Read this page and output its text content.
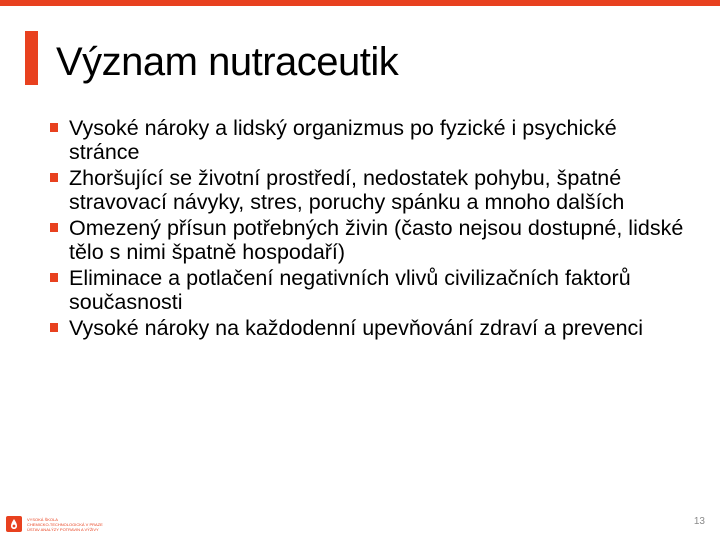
Význam nutraceutik
Vysoké nároky a lidský organizmus po fyzické i psychické stránce
Zhoršující se životní prostředí, nedostatek pohybu, špatné stravovací návyky, stres, poruchy spánku a mnoho dalších
Omezený přísun potřebných živin (často nejsou dostupné, lidské tělo s nimi špatně hospodaří)
Eliminace a potlačení negativních vlivů civilizačních faktorů současnosti
Vysoké nároky na každodenní upevňování zdraví a prevenci
VYSOKÁ ŠKOLA
CHEMICKO-TECHNOLOGICKÁ V PRAZE
ÚSTAV ANALÝZY POTRAVIN A VÝŽIVY
13
